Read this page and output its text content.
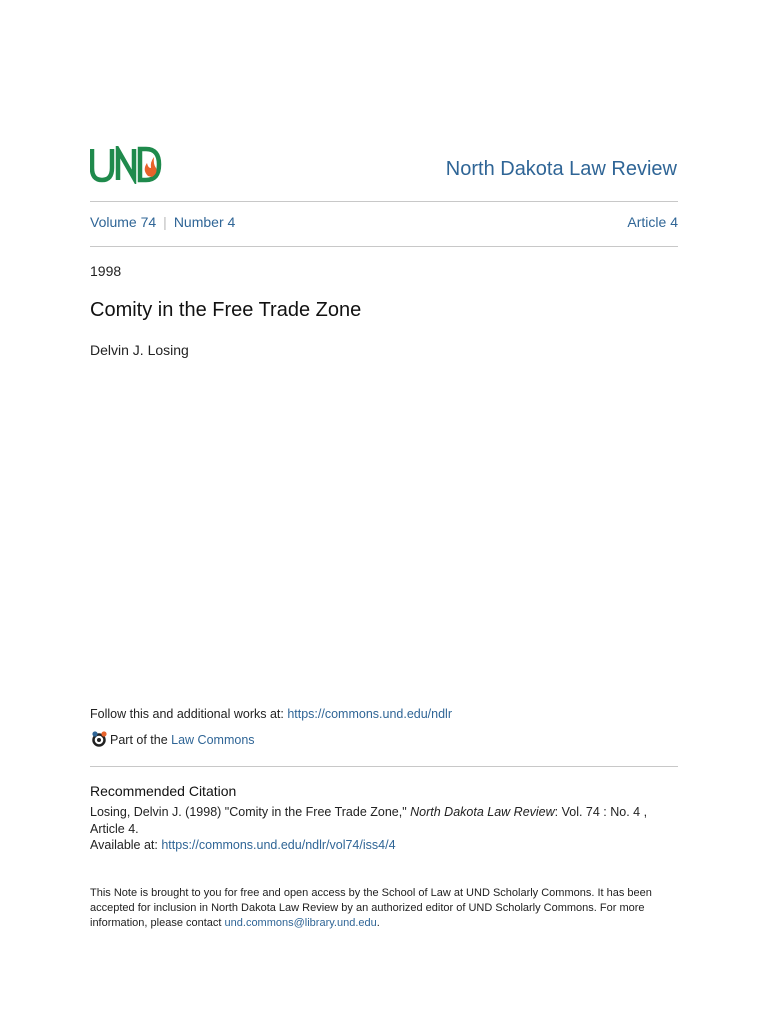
North Dakota Law Review
Volume 74 | Number 4	Article 4
1998
Comity in the Free Trade Zone
Delvin J. Losing
Follow this and additional works at: https://commons.und.edu/ndlr
Part of the Law Commons
Recommended Citation
Losing, Delvin J. (1998) "Comity in the Free Trade Zone," North Dakota Law Review: Vol. 74 : No. 4 , Article 4.
Available at: https://commons.und.edu/ndlr/vol74/iss4/4
This Note is brought to you for free and open access by the School of Law at UND Scholarly Commons. It has been accepted for inclusion in North Dakota Law Review by an authorized editor of UND Scholarly Commons. For more information, please contact und.commons@library.und.edu.
